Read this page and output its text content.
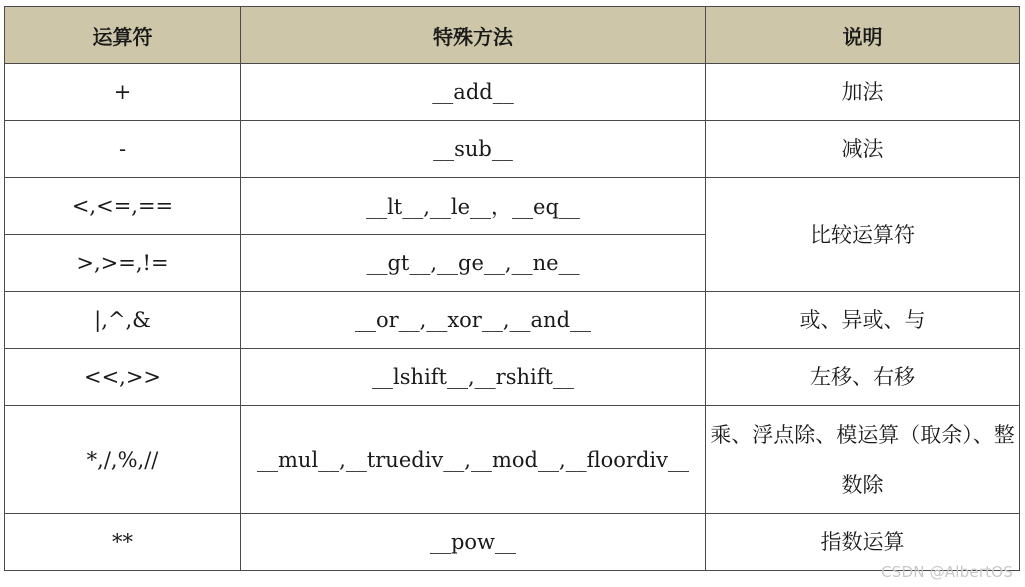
运算符	特殊方法	说明
+	__add__	加法
-	__sub__	减法
<,<=,==	__lt__,__le__，__eq__	比较运算符
>,>=,!=	__gt__,__ge__,__ne__	
|,^,&	__or__,__xor__,__and__	或、异或、与
<<,>>	__lshift__,__rshift__	左移、右移
*,/,%,//	__mul__,__truediv__,__mod__,__floordiv__	乘、浮点除、模运算（取余）、整数除
**	__pow__	指数运算
CSDN @AlbertOS
